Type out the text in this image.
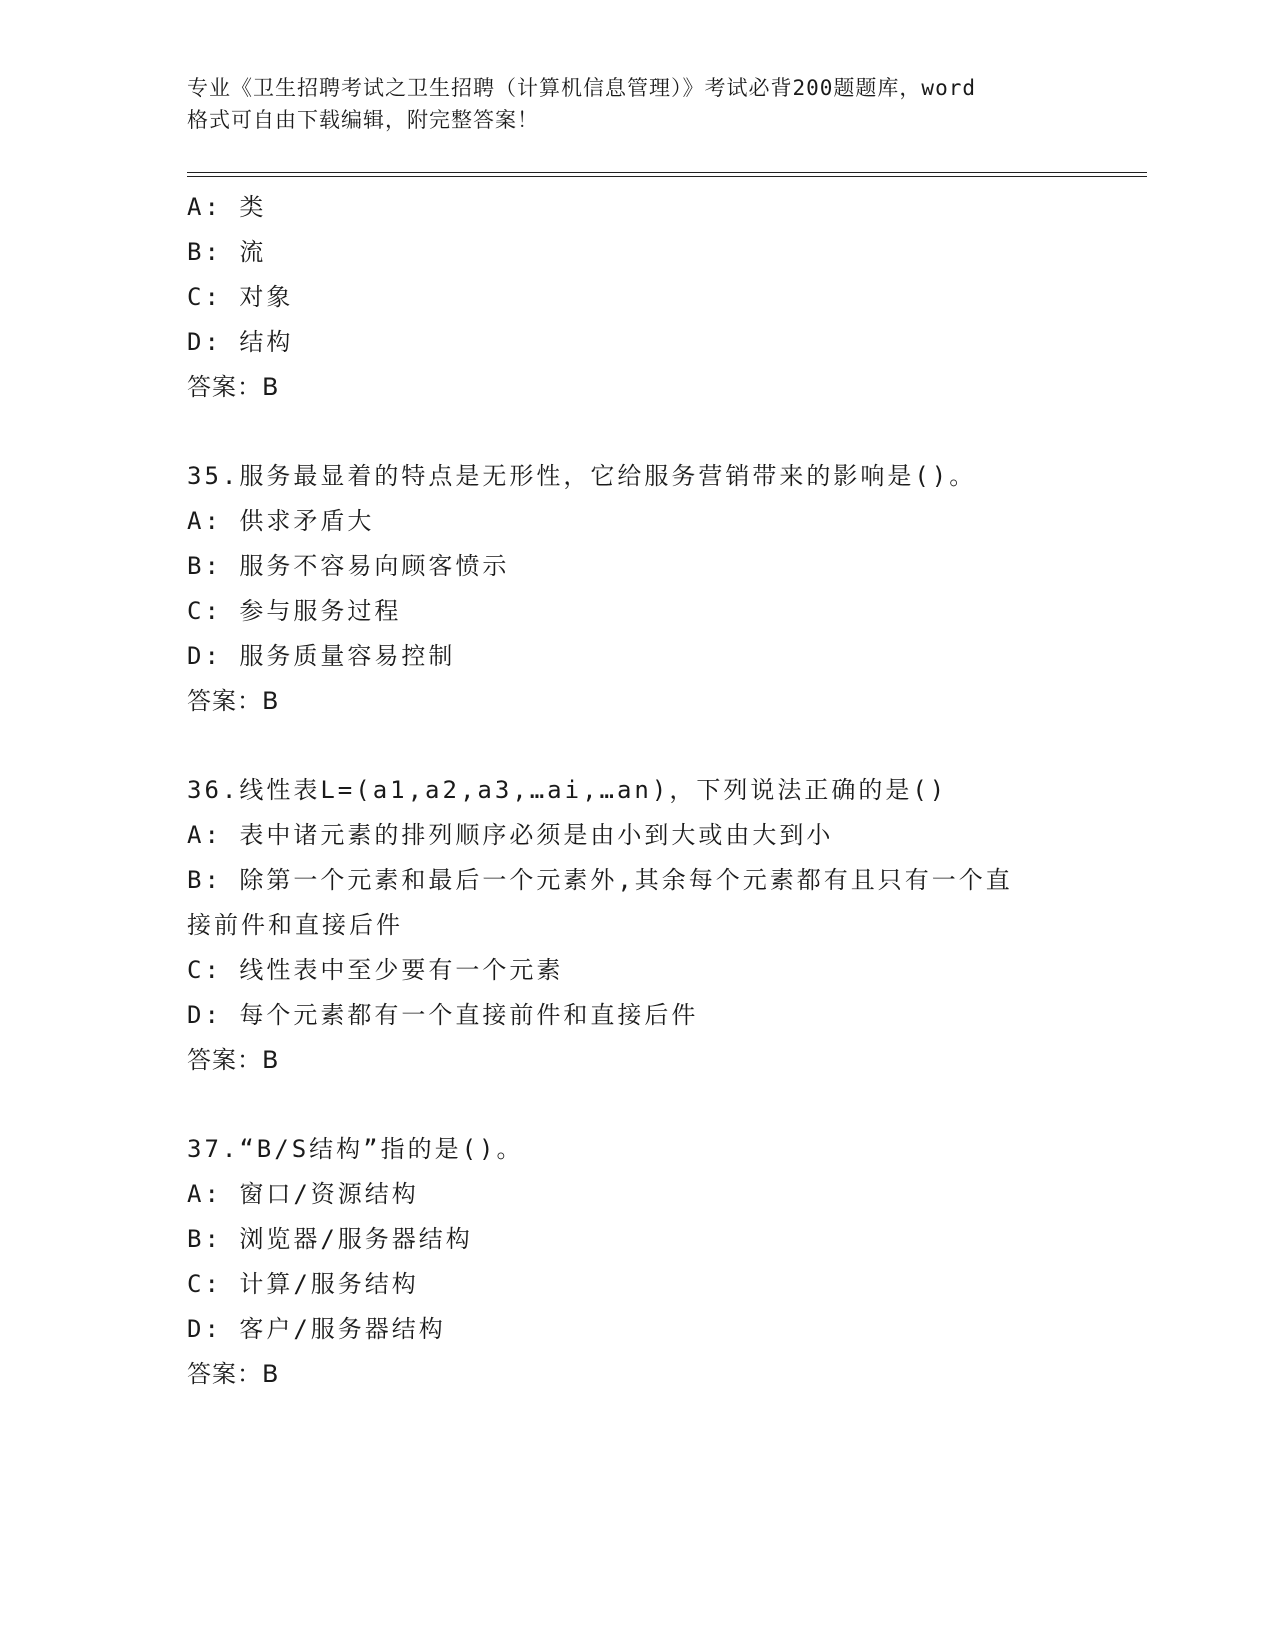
专业《卫生招聘考试之卫生招聘（计算机信息管理）》考试必背200题题库，word

格式可自由下载编辑，附完整答案！

A: 类
B: 流
C: 对象
D: 结构
答案：B
35.服务最显着的特点是无形性，它给服务营销带来的影响是()。
A: 供求矛盾大
B: 服务不容易向顾客愤示
C: 参与服务过程
D: 服务质量容易控制
答案：B
36.线性表L=(a1,a2,a3,…ai,…an)，下列说法正确的是()
A: 表中诸元素的排列顺序必须是由小到大或由大到小
B: 除第一个元素和最后一个元素外,其余每个元素都有且只有一个直
接前件和直接后件
C: 线性表中至少要有一个元素
D: 每个元素都有一个直接前件和直接后件
答案：B
37.“B/S结构”指的是()。
A: 窗口/资源结构
B: 浏览器/服务器结构
C: 计算/服务结构
D: 客户/服务器结构
答案：B
